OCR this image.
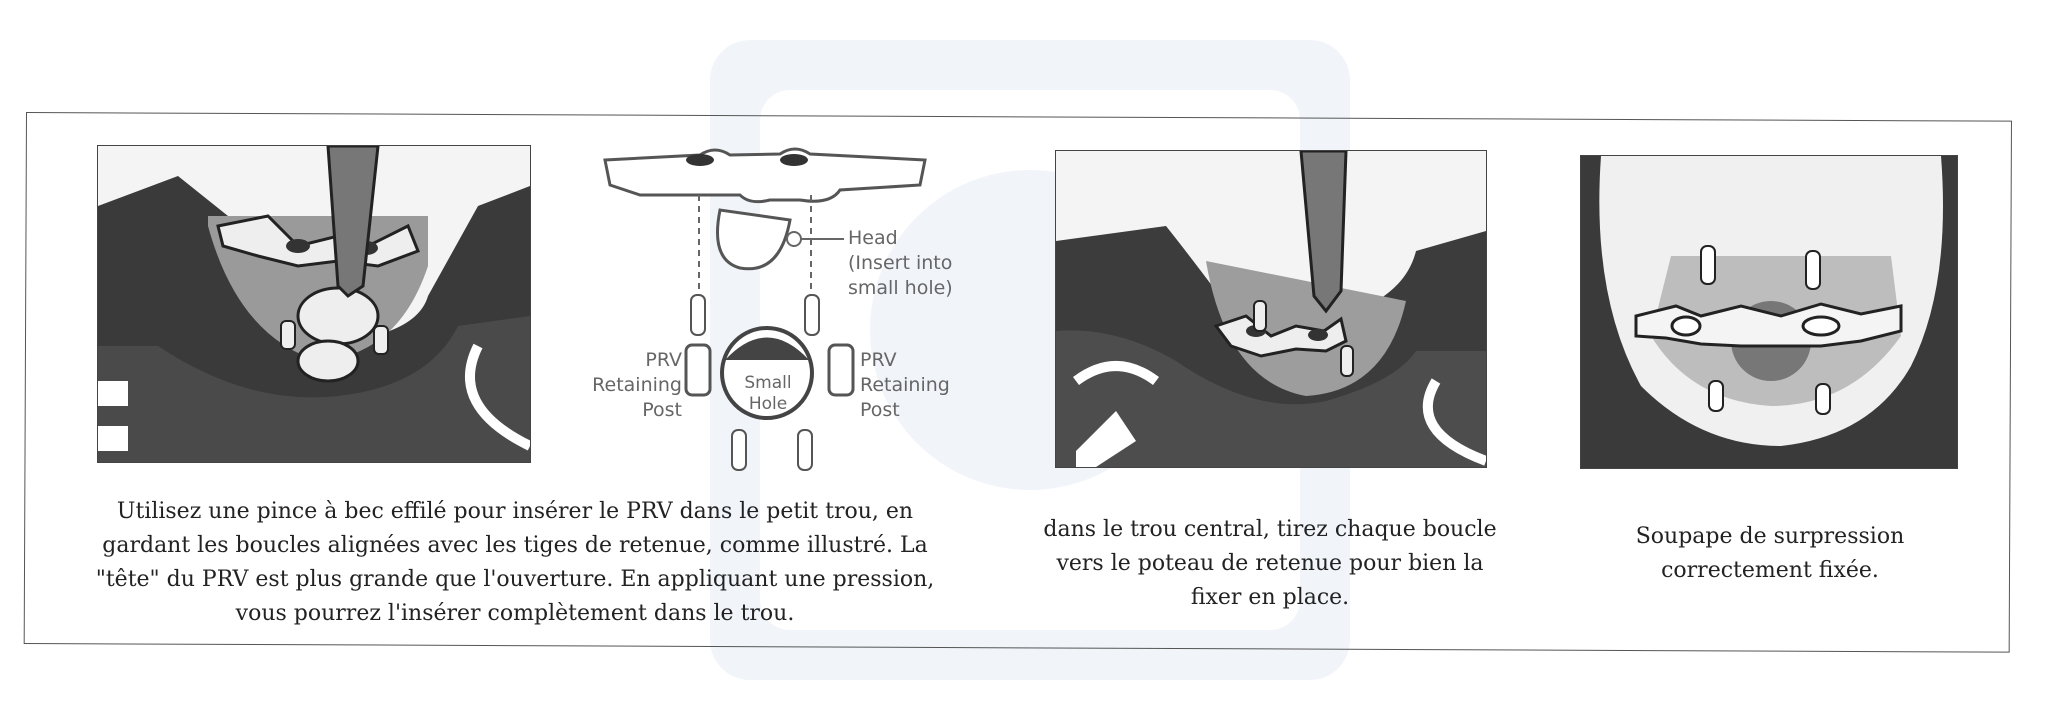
Head
(Insert into
small hole)
PRV
Retaining
Post
PRV
Retaining
Post
Small
Hole
Utilisez une pince à bec effilé pour insérer le PRV dans le petit trou, en gardant les boucles alignées avec les tiges de retenue, comme illustré. La "tête" du PRV est plus grande que l'ouverture. En appliquant une pression, vous pourrez l'insérer complètement dans le trou.
dans le trou central, tirez chaque boucle vers le poteau de retenue pour bien la fixer en place.
Soupape de surpression correctement fixée.
